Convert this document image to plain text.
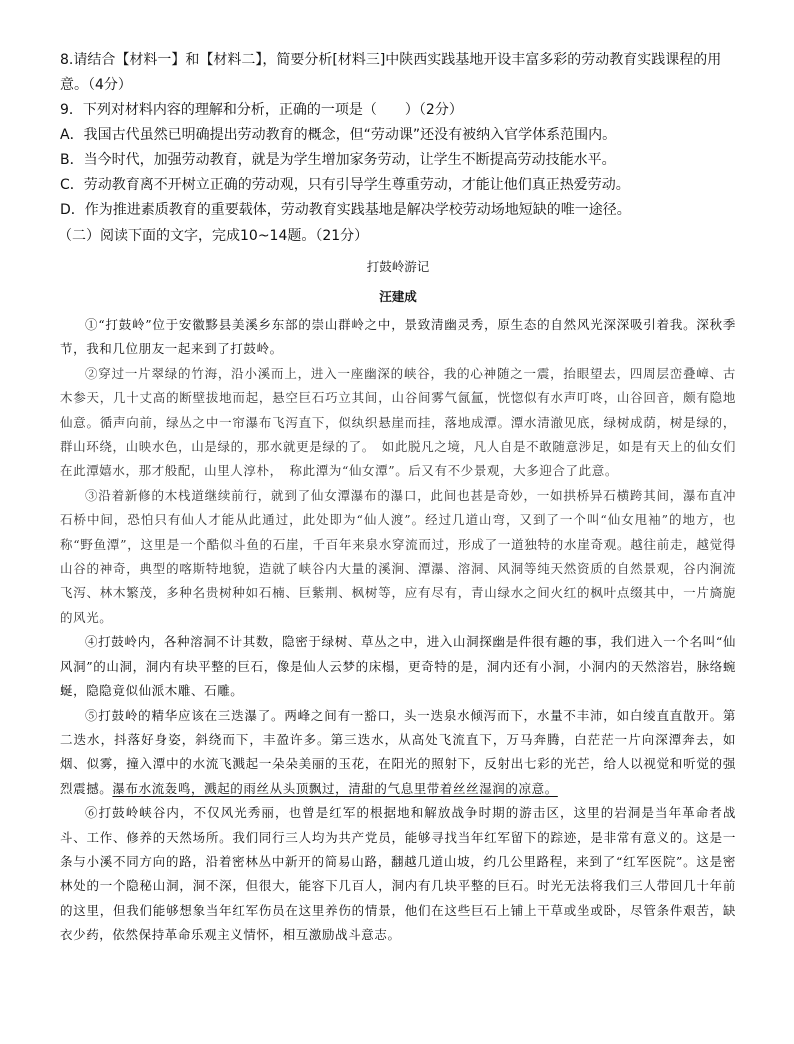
8.请结合【材料一】和【材料二】，简要分析[材料三]中陕西实践基地开设丰富多彩的劳动教育实践课程的用

意。（4分）

9．下列对材料内容的理解和分析，正确的一项是（　　）（2分）

A．我国古代虽然已明确提出劳动教育的概念，但“劳动课”还没有被纳入官学体系范围内。

B．当今时代，加强劳动教育，就是为学生增加家务劳动，让学生不断提高劳动技能水平。

C．劳动教育离不开树立正确的劳动观，只有引导学生尊重劳动，才能让他们真正热爱劳动。

D．作为推进素质教育的重要载体，劳动教育实践基地是解决学校劳动场地短缺的唯一途径。

（二）阅读下面的文字，完成10~14题。（21分）

打鼓岭游记

汪建成

①“打鼓岭”位于安徽黟县美溪乡东部的崇山群岭之中，景致清幽灵秀，原生态的自然风光深深吸引着我。深秋季节，我和几位朋友一起来到了打鼓岭。

②穿过一片翠绿的竹海，沿小溪而上，进入一座幽深的峡谷，我的心神随之一震，抬眼望去，四周层峦叠嶂、古木参天，几十丈高的断壁拔地而起，悬空巨石巧立其间，山谷间雾气氤氲，恍惚似有水声叮咚，山谷回音，颇有隐地仙意。循声向前，绿丛之中一帘瀑布飞泻直下，似纨织悬崖而挂，落地成潭。潭水清澈见底，绿树成荫，树是绿的，群山环绕，山映水色，山是绿的，那水就更是绿的了。　如此脱凡之境，凡人自是不敢随意涉足，如是有天上的仙女们在此潭嬉水，那才般配，山里人淳朴，　称此潭为“仙女潭”。后又有不少景观，大多迎合了此意。

③沿着新修的木栈道继续前行，就到了仙女潭瀑布的瀑口，此间也甚是奇妙，一如拱桥异石横跨其间，瀑布直冲石桥中间，恐怕只有仙人才能从此通过，此处即为“仙人渡”。经过几道山弯，又到了一个叫“仙女甩袖”的地方，也称“野鱼潭”，这里是一个酷似斗鱼的石崖，千百年来泉水穿流而过，形成了一道独特的水崖奇观。越往前走，越觉得山谷的神奇，典型的喀斯特地貌，造就了峡谷内大量的溪涧、潭瀑、溶洞、风洞等纯天然资质的自然景观，谷内涧流飞泻、林木繁茂，多种名贵树种如石楠、巨紫荆、枫树等，应有尽有，青山绿水之间火红的枫叶点缀其中，一片旖旎的风光。

④打鼓岭内，各种溶洞不计其数，隐密于绿树、草丛之中，进入山洞探幽是件很有趣的事，我们进入一个名叫“仙风洞”的山洞，洞内有块平整的巨石，像是仙人云梦的床榻，更奇特的是，洞内还有小洞，小洞内的天然溶岩，脉络蜿蜒，隐隐竟似仙派木雕、石雕。

⑤打鼓岭的精华应该在三迭瀑了。两峰之间有一豁口，头一迭泉水倾泻而下，水量不丰沛，如白绫直直散开。第二迭水，抖落好身姿，斜绕而下，丰盈许多。第三迭水，从高处飞流直下，万马奔腾，白茫茫一片向深潭奔去，如烟、似雾，撞入潭中的水流飞溅起一朵朵美丽的玉花，在阳光的照射下，反射出七彩的光芒，给人以视觉和听觉的强烈震撼。瀑布水流轰鸣，溅起的雨丝从头顶飘过，清甜的气息里带着丝丝湿润的凉意。

⑥打鼓岭峡谷内，不仅风光秀丽，也曾是红军的根据地和解放战争时期的游击区，这里的岩洞是当年革命者战斗、工作、修养的天然场所。我们同行三人均为共产党员，能够寻找当年红军留下的踪迹，是非常有意义的。这是一条与小溪不同方向的路，沿着密林丛中新开的简易山路，翻越几道山坡，约几公里路程，来到了“红军医院”。这是密林处的一个隐秘山洞，洞不深，但很大，能容下几百人，洞内有几块平整的巨石。时光无法将我们三人带回几十年前的这里，但我们能够想象当年红军伤员在这里养伤的情景，他们在这些巨石上铺上干草或坐或卧，尽管条件艰苦，缺衣少药，依然保持革命乐观主义情怀，相互激励战斗意志。
